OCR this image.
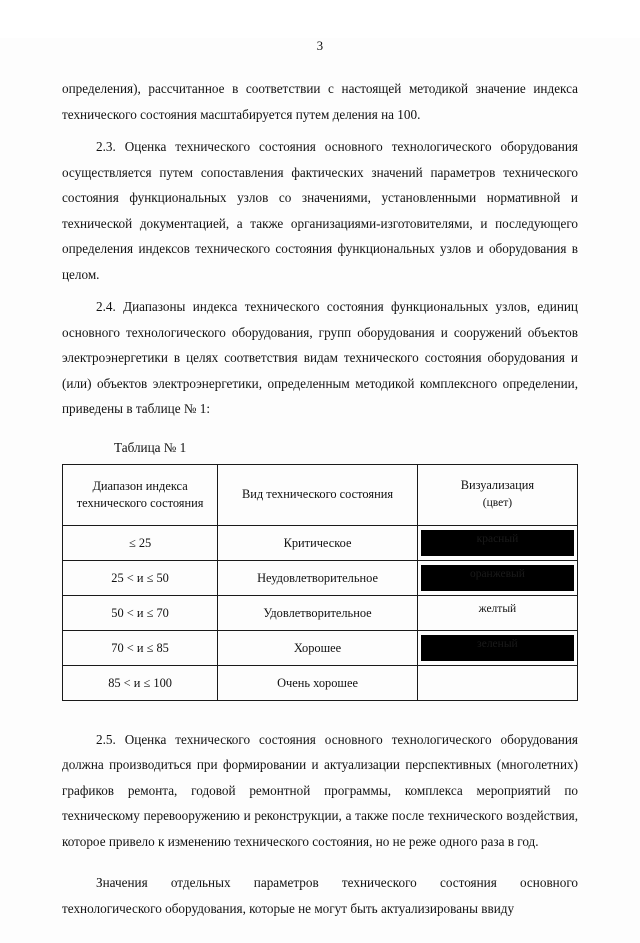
3

определения), рассчитанное в соответствии с настоящей методикой значение индекса технического состояния масштабируется путем деления на 100.

2.3. Оценка технического состояния основного технологического оборудования осуществляется путем сопоставления фактических значений параметров технического состояния функциональных узлов со значениями, установленными нормативной и технической документацией, а также организациями-изготовителями, и последующего определения индексов технического состояния функциональных узлов и оборудования в целом.

2.4. Диапазоны индекса технического состояния функциональных узлов, единиц основного технологического оборудования, групп оборудования и сооружений объектов электроэнергетики в целях соответствия видам технического состояния оборудования и (или) объектов электроэнергетики, определенным методикой комплексного определении, приведены в таблице № 1:

Таблица № 1
Диапазон индекса технического состояния	Вид технического состояния	Визуализация
(цвет)
≤ 25	Критическое	красный

25 < и ≤ 50	Неудовлетворительное	оранжевый

50 < и ≤ 70	Удовлетворительное	желтый

70 < и ≤ 85	Хорошее	зеленый

85 < и ≤ 100	Очень хорошее	

2.5. Оценка технического состояния основного технологического оборудования должна производиться при формировании и актуализации перспективных (многолетних) графиков ремонта, годовой ремонтной программы, комплекса мероприятий по техническому перевооружению и реконструкции, а также после технического воздействия, которое привело к изменению технического состояния, но не реже одного раза в год.

Значения отдельных параметров технического состояния основного технологического оборудования, которые не могут быть актуализированы ввиду
